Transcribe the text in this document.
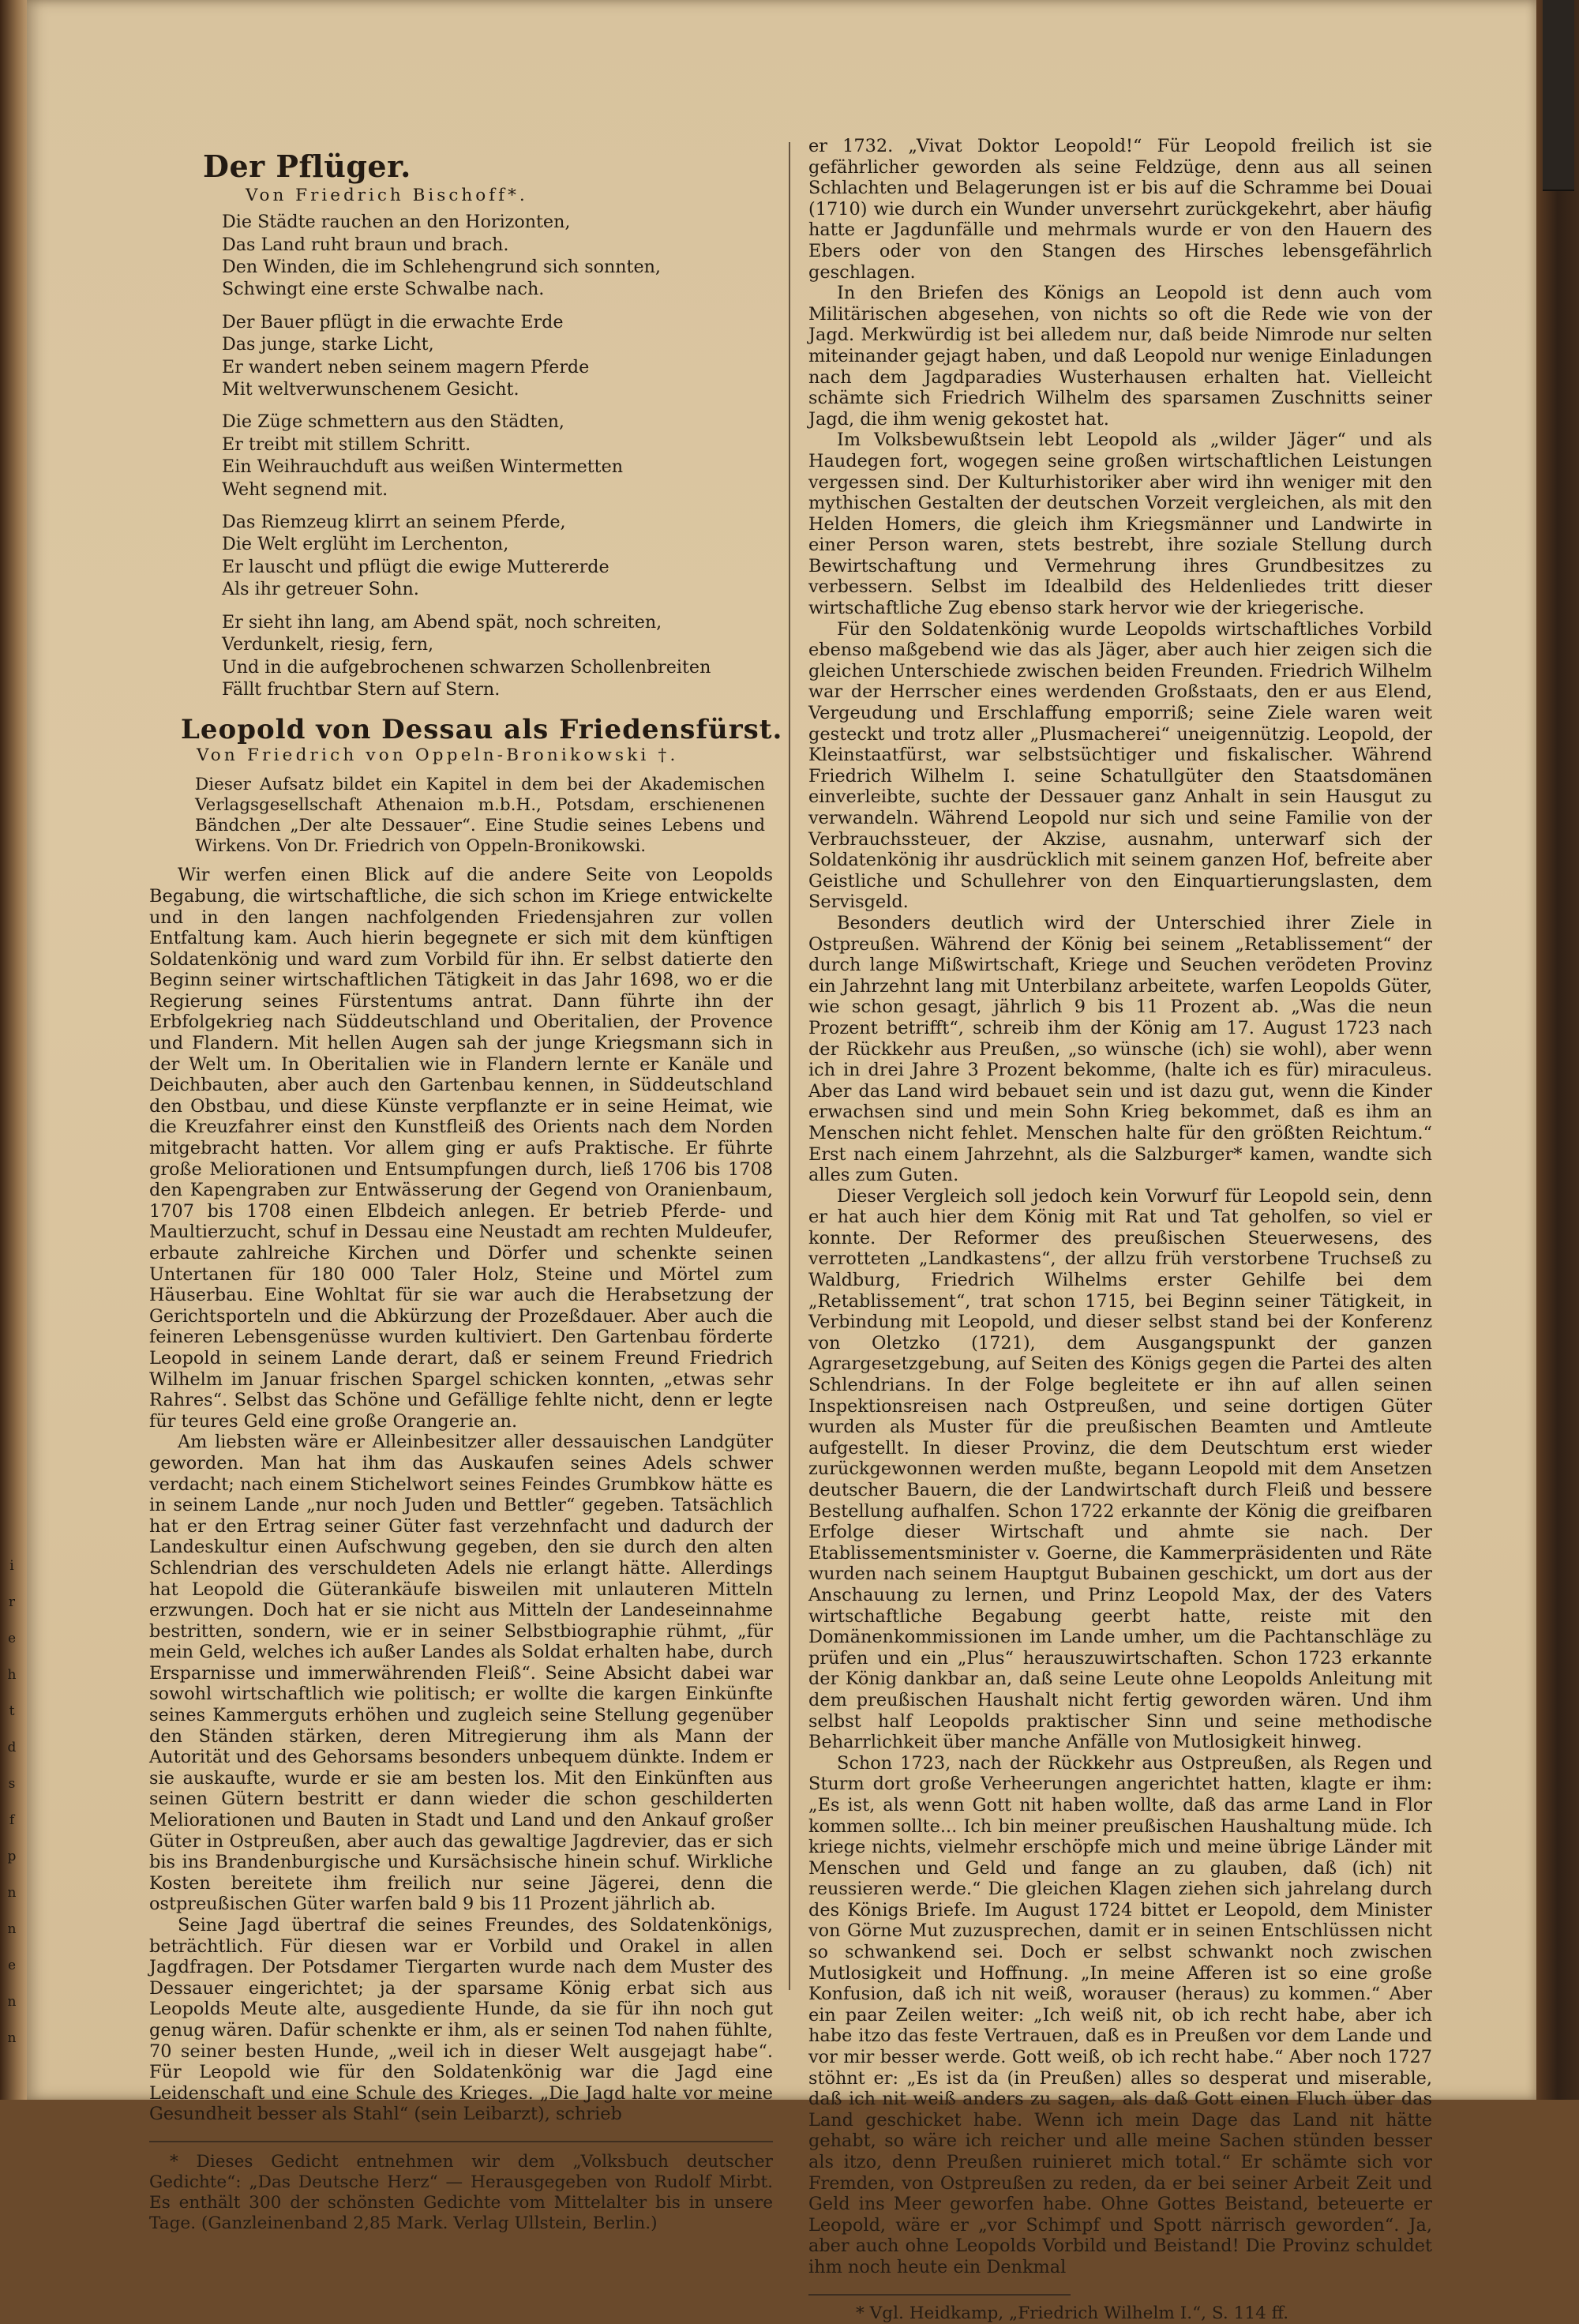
i
r
e
h
t
d
s
f
p
n
n
e
n
n
Der Pflüger.
Von Friedrich Bischoff*.
Die Städte rauchen an den Horizonten,
Das Land ruht braun und brach.
Den Winden, die im Schlehengrund sich sonnten,
Schwingt eine erste Schwalbe nach.
Der Bauer pflügt in die erwachte Erde
Das junge, starke Licht,
Er wandert neben seinem magern Pferde
Mit weltverwunschenem Gesicht.
Die Züge schmettern aus den Städten,
Er treibt mit stillem Schritt.
Ein Weihrauchduft aus weißen Wintermetten
Weht segnend mit.
Das Riemzeug klirrt an seinem Pferde,
Die Welt erglüht im Lerchenton,
Er lauscht und pflügt die ewige Muttererde
Als ihr getreuer Sohn.
Er sieht ihn lang, am Abend spät, noch schreiten,
Verdunkelt, riesig, fern,
Und in die aufgebrochenen schwarzen Schollenbreiten
Fällt fruchtbar Stern auf Stern.
Leopold von Dessau als Friedensfürst.
Von Friedrich von Oppeln-Bronikowski †.
Dieser Aufsatz bildet ein Kapitel in dem bei der Akademischen Verlagsgesellschaft Athenaion m.b.H., Potsdam, erschienenen Bändchen „Der alte Dessauer“. Eine Studie seines Lebens und Wirkens. Von Dr. Friedrich von Oppeln-Bronikowski.

Wir werfen einen Blick auf die andere Seite von Leopolds Begabung, die wirtschaftliche, die sich schon im Kriege entwickelte und in den langen nachfolgenden Friedensjahren zur vollen Entfaltung kam. Auch hierin begegnete er sich mit dem künftigen Soldatenkönig und ward zum Vorbild für ihn. Er selbst datierte den Beginn seiner wirtschaftlichen Tätigkeit in das Jahr 1698, wo er die Regierung seines Fürstentums antrat. Dann führte ihn der Erbfolgekrieg nach Süddeutschland und Oberitalien, der Provence und Flandern. Mit hellen Augen sah der junge Kriegsmann sich in der Welt um. In Oberitalien wie in Flandern lernte er Kanäle und Deichbauten, aber auch den Gartenbau kennen, in Süddeutschland den Obstbau, und diese Künste verpflanzte er in seine Heimat, wie die Kreuzfahrer einst den Kunstfleiß des Orients nach dem Norden mitgebracht hatten. Vor allem ging er aufs Praktische. Er führte große Meliorationen und Entsumpfungen durch, ließ 1706 bis 1708 den Kapengraben zur Entwässerung der Gegend von Oranienbaum, 1707 bis 1708 einen Elbdeich anlegen. Er betrieb Pferde- und Maultierzucht, schuf in Dessau eine Neustadt am rechten Muldeufer, erbaute zahlreiche Kirchen und Dörfer und schenkte seinen Untertanen für 180 000 Taler Holz, Steine und Mörtel zum Häuserbau. Eine Wohltat für sie war auch die Herabsetzung der Gerichtsporteln und die Abkürzung der Prozeßdauer. Aber auch die feineren Lebensgenüsse wurden kultiviert. Den Gartenbau förderte Leopold in seinem Lande derart, daß er seinem Freund Friedrich Wilhelm im Januar frischen Spargel schicken konnten, „etwas sehr Rahres“. Selbst das Schöne und Gefällige fehlte nicht, denn er legte für teures Geld eine große Orangerie an.

Am liebsten wäre er Alleinbesitzer aller dessauischen Landgüter geworden. Man hat ihm das Auskaufen seines Adels schwer verdacht; nach einem Stichelwort seines Feindes Grumbkow hätte es in seinem Lande „nur noch Juden und Bettler“ gegeben. Tatsächlich hat er den Ertrag seiner Güter fast verzehnfacht und dadurch der Landeskultur einen Aufschwung gegeben, den sie durch den alten Schlendrian des verschuldeten Adels nie erlangt hätte. Allerdings hat Leopold die Güterankäufe bisweilen mit unlauteren Mitteln erzwungen. Doch hat er sie nicht aus Mitteln der Landeseinnahme bestritten, sondern, wie er in seiner Selbstbiographie rühmt, „für mein Geld, welches ich außer Landes als Soldat erhalten habe, durch Ersparnisse und immerwährenden Fleiß“. Seine Absicht dabei war sowohl wirtschaftlich wie politisch; er wollte die kargen Einkünfte seines Kammerguts erhöhen und zugleich seine Stellung gegenüber den Ständen stärken, deren Mitregierung ihm als Mann der Autorität und des Gehorsams besonders unbequem dünkte. Indem er sie auskaufte, wurde er sie am besten los. Mit den Einkünften aus seinen Gütern bestritt er dann wieder die schon geschilderten Meliorationen und Bauten in Stadt und Land und den Ankauf großer Güter in Ostpreußen, aber auch das gewaltige Jagdrevier, das er sich bis ins Brandenburgische und Kursächsische hinein schuf. Wirkliche Kosten bereitete ihm freilich nur seine Jägerei, denn die ostpreußischen Güter warfen bald 9 bis 11 Prozent jährlich ab.

Seine Jagd übertraf die seines Freundes, des Soldatenkönigs, beträchtlich. Für diesen war er Vorbild und Orakel in allen Jagdfragen. Der Potsdamer Tiergarten wurde nach dem Muster des Dessauer eingerichtet; ja der sparsame König erbat sich aus Leopolds Meute alte, ausgediente Hunde, da sie für ihn noch gut genug wären. Dafür schenkte er ihm, als er seinen Tod nahen fühlte, 70 seiner besten Hunde, „weil ich in dieser Welt ausgejagt habe“. Für Leopold wie für den Soldatenkönig war die Jagd eine Leidenschaft und eine Schule des Krieges. „Die Jagd halte vor meine Gesundheit besser als Stahl“ (sein Leibarzt), schrieb

* Dieses Gedicht entnehmen wir dem „Volksbuch deutscher Gedichte“: „Das Deutsche Herz“ — Herausgegeben von Rudolf Mirbt. Es enthält 300 der schönsten Gedichte vom Mittelalter bis in unsere Tage. (Ganzleinenband 2,85 Mark. Verlag Ullstein, Berlin.)

er 1732. „Vivat Doktor Leopold!“ Für Leopold freilich ist sie gefährlicher geworden als seine Feldzüge, denn aus all seinen Schlachten und Belagerungen ist er bis auf die Schramme bei Douai (1710) wie durch ein Wunder unversehrt zurückgekehrt, aber häufig hatte er Jagdunfälle und mehrmals wurde er von den Hauern des Ebers oder von den Stangen des Hirsches lebensgefährlich geschlagen.

In den Briefen des Königs an Leopold ist denn auch vom Militärischen abgesehen, von nichts so oft die Rede wie von der Jagd. Merkwürdig ist bei alledem nur, daß beide Nimrode nur selten miteinander gejagt haben, und daß Leopold nur wenige Einladungen nach dem Jagdparadies Wusterhausen erhalten hat. Vielleicht schämte sich Friedrich Wilhelm des sparsamen Zuschnitts seiner Jagd, die ihm wenig gekostet hat.

Im Volksbewußtsein lebt Leopold als „wilder Jäger“ und als Haudegen fort, wogegen seine großen wirtschaftlichen Leistungen vergessen sind. Der Kulturhistoriker aber wird ihn weniger mit den mythischen Gestalten der deutschen Vorzeit vergleichen, als mit den Helden Homers, die gleich ihm Kriegsmänner und Landwirte in einer Person waren, stets bestrebt, ihre soziale Stellung durch Bewirtschaftung und Vermehrung ihres Grundbesitzes zu verbessern. Selbst im Idealbild des Heldenliedes tritt dieser wirtschaftliche Zug ebenso stark hervor wie der kriegerische.

Für den Soldatenkönig wurde Leopolds wirtschaftliches Vorbild ebenso maßgebend wie das als Jäger, aber auch hier zeigen sich die gleichen Unterschiede zwischen beiden Freunden. Friedrich Wilhelm war der Herrscher eines werdenden Großstaats, den er aus Elend, Vergeudung und Erschlaffung emporriß; seine Ziele waren weit gesteckt und trotz aller „Plusmacherei“ uneigennützig. Leopold, der Kleinstaatfürst, war selbstsüchtiger und fiskalischer. Während Friedrich Wilhelm I. seine Schatullgüter den Staatsdomänen einverleibte, suchte der Dessauer ganz Anhalt in sein Hausgut zu verwandeln. Während Leopold nur sich und seine Familie von der Verbrauchssteuer, der Akzise, ausnahm, unterwarf sich der Soldatenkönig ihr ausdrücklich mit seinem ganzen Hof, befreite aber Geistliche und Schullehrer von den Einquartierungslasten, dem Servisgeld.

Besonders deutlich wird der Unterschied ihrer Ziele in Ostpreußen. Während der König bei seinem „Retablissement“ der durch lange Mißwirtschaft, Kriege und Seuchen verödeten Provinz ein Jahrzehnt lang mit Unterbilanz arbeitete, warfen Leopolds Güter, wie schon gesagt, jährlich 9 bis 11 Prozent ab. „Was die neun Prozent betrifft“, schreib ihm der König am 17. August 1723 nach der Rückkehr aus Preußen, „so wünsche (ich) sie wohl), aber wenn ich in drei Jahre 3 Prozent bekomme, (halte ich es für) miraculeus. Aber das Land wird bebauet sein und ist dazu gut, wenn die Kinder erwachsen sind und mein Sohn Krieg bekommet, daß es ihm an Menschen nicht fehlet. Menschen halte für den größten Reichtum.“ Erst nach einem Jahrzehnt, als die Salzburger* kamen, wandte sich alles zum Guten.

Dieser Vergleich soll jedoch kein Vorwurf für Leopold sein, denn er hat auch hier dem König mit Rat und Tat geholfen, so viel er konnte. Der Reformer des preußischen Steuerwesens, des verrotteten „Landkastens“, der allzu früh verstorbene Truchseß zu Waldburg, Friedrich Wilhelms erster Gehilfe bei dem „Retablissement“, trat schon 1715, bei Beginn seiner Tätigkeit, in Verbindung mit Leopold, und dieser selbst stand bei der Konferenz von Oletzko (1721), dem Ausgangspunkt der ganzen Agrargesetzgebung, auf Seiten des Königs gegen die Partei des alten Schlendrians. In der Folge begleitete er ihn auf allen seinen Inspektionsreisen nach Ostpreußen, und seine dortigen Güter wurden als Muster für die preußischen Beamten und Amtleute aufgestellt. In dieser Provinz, die dem Deutschtum erst wieder zurückgewonnen werden mußte, begann Leopold mit dem Ansetzen deutscher Bauern, die der Landwirtschaft durch Fleiß und bessere Bestellung aufhalfen. Schon 1722 erkannte der König die greifbaren Erfolge dieser Wirtschaft und ahmte sie nach. Der Etablissementsminister v. Goerne, die Kammerpräsidenten und Räte wurden nach seinem Hauptgut Bubainen geschickt, um dort aus der Anschauung zu lernen, und Prinz Leopold Max, der des Vaters wirtschaftliche Begabung geerbt hatte, reiste mit den Domänenkommissionen im Lande umher, um die Pachtanschläge zu prüfen und ein „Plus“ herauszuwirtschaften. Schon 1723 erkannte der König dankbar an, daß seine Leute ohne Leopolds Anleitung mit dem preußischen Haushalt nicht fertig geworden wären. Und ihm selbst half Leopolds praktischer Sinn und seine methodische Beharrlichkeit über manche Anfälle von Mutlosigkeit hinweg.

Schon 1723, nach der Rückkehr aus Ostpreußen, als Regen und Sturm dort große Verheerungen angerichtet hatten, klagte er ihm: „Es ist, als wenn Gott nit haben wollte, daß das arme Land in Flor kommen sollte... Ich bin meiner preußischen Haushaltung müde. Ich kriege nichts, vielmehr erschöpfe mich und meine übrige Länder mit Menschen und Geld und fange an zu glauben, daß (ich) nit reussieren werde.“ Die gleichen Klagen ziehen sich jahrelang durch des Königs Briefe. Im August 1724 bittet er Leopold, dem Minister von Görne Mut zuzusprechen, damit er in seinen Entschlüssen nicht so schwankend sei. Doch er selbst schwankt noch zwischen Mutlosigkeit und Hoffnung. „In meine Afferen ist so eine große Konfusion, daß ich nit weiß, worauser (heraus) zu kommen.“ Aber ein paar Zeilen weiter: „Ich weiß nit, ob ich recht habe, aber ich habe itzo das feste Vertrauen, daß es in Preußen vor dem Lande und vor mir besser werde. Gott weiß, ob ich recht habe.“ Aber noch 1727 stöhnt er: „Es ist da (in Preußen) alles so desperat und miserable, daß ich nit weiß anders zu sagen, als daß Gott einen Fluch über das Land geschicket habe. Wenn ich mein Dage das Land nit hätte gehabt, so wäre ich reicher und alle meine Sachen stünden besser als itzo, denn Preußen ruinieret mich total.“ Er schämte sich vor Fremden, von Ostpreußen zu reden, da er bei seiner Arbeit Zeit und Geld ins Meer geworfen habe. Ohne Gottes Beistand, beteuerte er Leopold, wäre er „vor Schimpf und Spott närrisch geworden“. Ja, aber auch ohne Leopolds Vorbild und Beistand! Die Provinz schuldet ihm noch heute ein Denkmal

* Vgl. Heidkamp, „Friedrich Wilhelm I.“, S. 114 ff.
